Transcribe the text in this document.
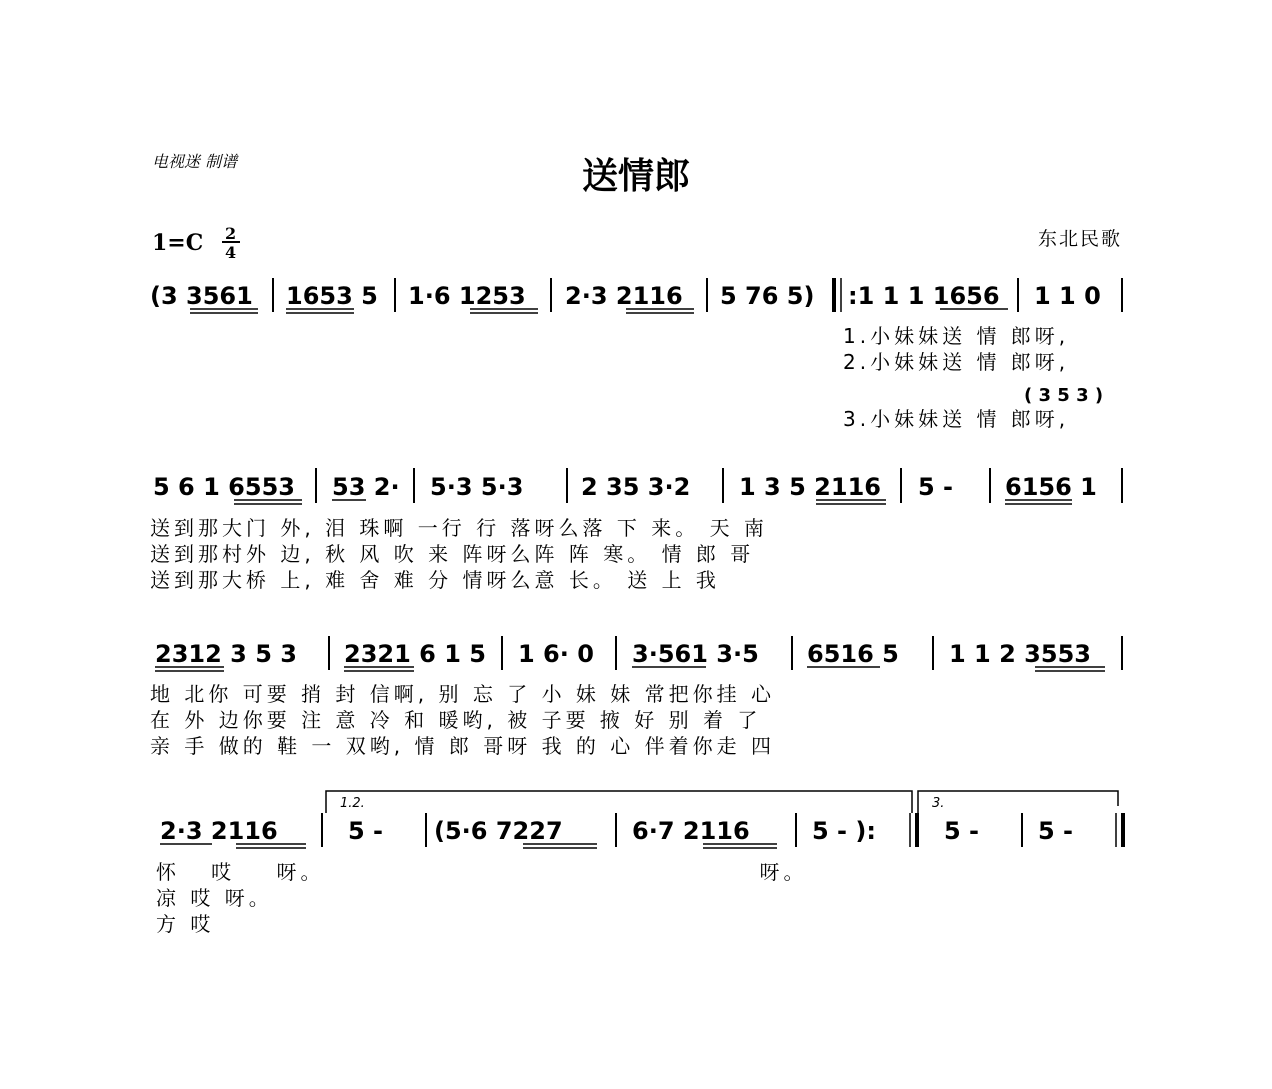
电视迷 制谱	送情郎
1=C 2
4
东北民歌
(3 3561 1653 5 1·6 1253 2·3 2116 5 76 5) :1 1 1 1656 1 1 0
1.小妹妹送 情 郎呀,
2.小妹妹送 情 郎呀,
( 3 5 3 )
3.小妹妹送 情 郎呀,
5 6 1 6553 53 2· 5·3 5·3 2 35 3·2 1 3 5 2116 5 - 6156 1
送到那大门 外, 泪 珠啊 一行 行 落呀么落 下 来。 天 南
送到那村外 边, 秋 风 吹 来 阵呀么阵 阵 寒。 情 郎 哥
送到那大桥 上, 难 舍 难 分 情呀么意 长。 送 上 我
2312 3 5 3 2321 6 1 5 1 6· 0 3·561 3·5 6516 5 1 1 2 3553
地 北你 可要 捎 封 信啊, 别 忘 了 小 妹 妹 常把你挂 心
在 外 边你要 注 意 冷 和 暖哟, 被 子要 掖 好 别 着 了
亲 手 做的 鞋 一 双哟, 情 郎 哥呀 我 的 心 伴着你走 四
1.2.	3.
2·3 2116	5 - (5·6 7227	6·7 2116	5 - ):	5 - 5 -
怀   哎    呀。                                          呀。
凉 哎 呀。
方 哎
